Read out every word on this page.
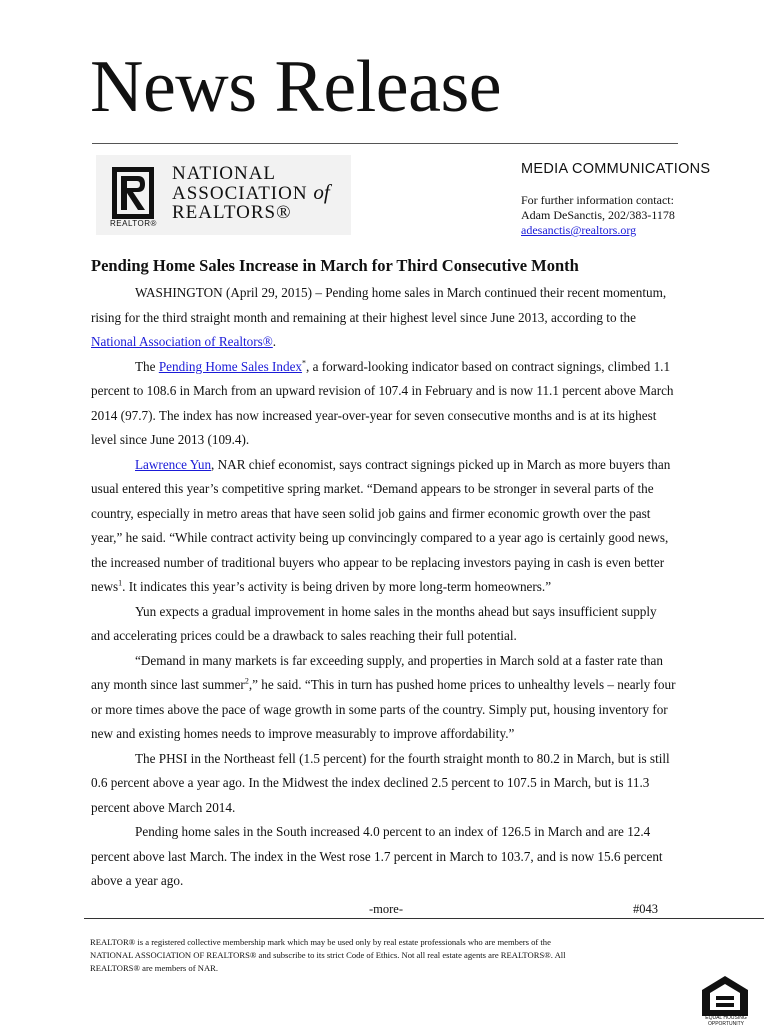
News Release
REALTOR®
NATIONAL
ASSOCIATION of
REALTORS®
MEDIA COMMUNICATIONS
For further information contact:
Adam DeSanctis, 202/383-1178
adesanctis@realtors.org
Pending Home Sales Increase in March for Third Consecutive Month

WASHINGTON (April 29, 2015) – Pending home sales in March continued their recent momentum, rising for the third straight month and remaining at their highest level since June 2013, according to the National Association of Realtors®.

The Pending Home Sales Index*, a forward-looking indicator based on contract signings, climbed 1.1 percent to 108.6 in March from an upward revision of 107.4 in February and is now 11.1 percent above March 2014 (97.7). The index has now increased year-over-year for seven consecutive months and is at its highest level since June 2013 (109.4).

Lawrence Yun, NAR chief economist, says contract signings picked up in March as more buyers than usual entered this year’s competitive spring market. “Demand appears to be stronger in several parts of the country, especially in metro areas that have seen solid job gains and firmer economic growth over the past year,” he said. “While contract activity being up convincingly compared to a year ago is certainly good news, the increased number of traditional buyers who appear to be replacing investors paying in cash is even better news$^1$. It indicates this year’s activity is being driven by more long-term homeowners.”

Yun expects a gradual improvement in home sales in the months ahead but says insufficient supply and accelerating prices could be a drawback to sales reaching their full potential.

“Demand in many markets is far exceeding supply, and properties in March sold at a faster rate than any month since last summer$^2$,” he said. “This in turn has pushed home prices to unhealthy levels – nearly four or more times above the pace of wage growth in some parts of the country. Simply put, housing inventory for new and existing homes needs to improve measurably to improve affordability.”

The PHSI in the Northeast fell (1.5 percent) for the fourth straight month to 80.2 in March, but is still 0.6 percent above a year ago. In the Midwest the index declined 2.5 percent to 107.5 in March, but is 11.3 percent above March 2014.

Pending home sales in the South increased 4.0 percent to an index of 126.5 in March and are 12.4 percent above last March. The index in the West rose 1.7 percent in March to 103.7, and is now 15.6 percent above a year ago.

-more-	#043
REALTOR® is a registered collective membership mark which may be used only by real estate professionals who are members of the NATIONAL ASSOCIATION OF REALTORS® and subscribe to its strict Code of Ethics. Not all real estate agents are REALTORS®. All REALTORS® are members of NAR.
EQUAL HOUSING OPPORTUNITY
